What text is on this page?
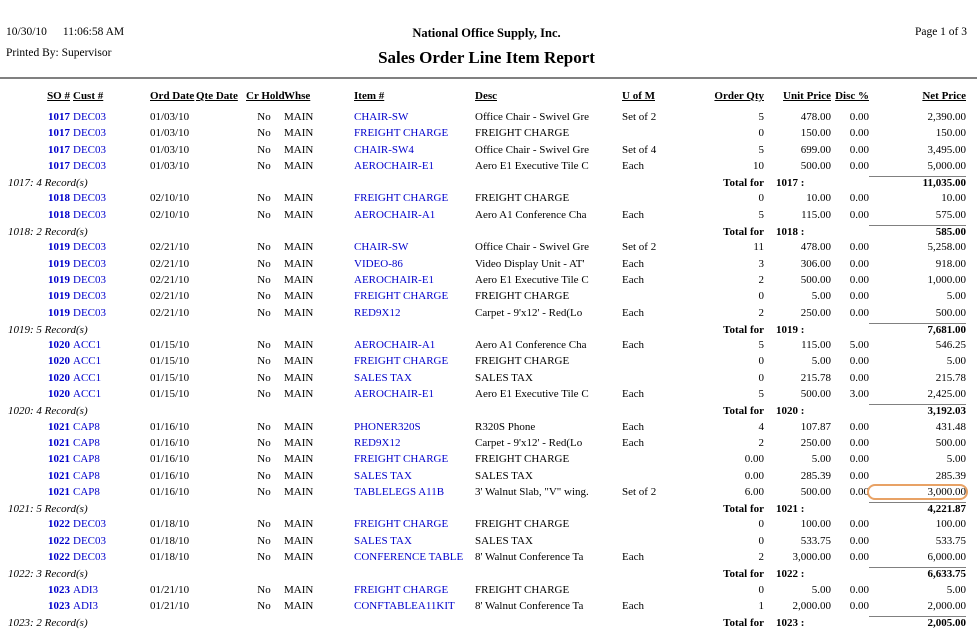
10/30/10 11:06:58 AM
Printed By: Supervisor
National Office Supply, Inc.
Sales Order Line Item Report
Page 1 of 3
SO # Cust #	Ord Date Qte Date Cr Hold Whse	Item #	Desc	U of M	Order Qty	Unit Price Disc %	Net Price
1017 DEC03	01/03/10	No	MAIN	CHAIR-SW	Office Chair - Swivel Gre	Set of 2	5	478.00	0.00	2,390.00
1017 DEC03	01/03/10	No	MAIN	FREIGHT CHARGE	FREIGHT CHARGE	0	150.00	0.00	150.00
1017 DEC03	01/03/10	No	MAIN	CHAIR-SW4	Office Chair - Swivel Gre	Set of 4	5	699.00	0.00	3,495.00
1017 DEC03	01/03/10	No	MAIN	AEROCHAIR-E1	Aero E1 Executive Tile C	Each	10	500.00	0.00	5,000.00
1017: 4 Record(s)	Total for	1017 :	11,035.00
1018 DEC03	02/10/10	No	MAIN	FREIGHT CHARGE	FREIGHT CHARGE	0	10.00	0.00	10.00
1018 DEC03	02/10/10	No	MAIN	AEROCHAIR-A1	Aero A1 Conference Cha	Each	5	115.00	0.00	575.00
1018: 2 Record(s)	Total for	1018 :	585.00
1019 DEC03	02/21/10	No	MAIN	CHAIR-SW	Office Chair - Swivel Gre	Set of 2	11	478.00	0.00	5,258.00
1019 DEC03	02/21/10	No	MAIN	VIDEO-86	Video Display Unit - AT'	Each	3	306.00	0.00	918.00
1019 DEC03	02/21/10	No	MAIN	AEROCHAIR-E1	Aero E1 Executive Tile C	Each	2	500.00	0.00	1,000.00
1019 DEC03	02/21/10	No	MAIN	FREIGHT CHARGE	FREIGHT CHARGE	0	5.00	0.00	5.00
1019 DEC03	02/21/10	No	MAIN	RED9X12	Carpet - 9'x12' - Red(Lo	Each	2	250.00	0.00	500.00
1019: 5 Record(s)	Total for	1019 :	7,681.00
1020 ACC1	01/15/10	No	MAIN	AEROCHAIR-A1	Aero A1 Conference Cha	Each	5	115.00	5.00	546.25
1020 ACC1	01/15/10	No	MAIN	FREIGHT CHARGE	FREIGHT CHARGE	0	5.00	0.00	5.00
1020 ACC1	01/15/10	No	MAIN	SALES TAX	SALES TAX	0	215.78	0.00	215.78
1020 ACC1	01/15/10	No	MAIN	AEROCHAIR-E1	Aero E1 Executive Tile C	Each	5	500.00	3.00	2,425.00
1020: 4 Record(s)	Total for	1020 :	3,192.03
1021 CAP8	01/16/10	No	MAIN	PHONER320S	R320S Phone	Each	4	107.87	0.00	431.48
1021 CAP8	01/16/10	No	MAIN	RED9X12	Carpet - 9'x12' - Red(Lo	Each	2	250.00	0.00	500.00
1021 CAP8	01/16/10	No	MAIN	FREIGHT CHARGE	FREIGHT CHARGE	0.00	5.00	0.00	5.00
1021 CAP8	01/16/10	No	MAIN	SALES TAX	SALES TAX	0.00	285.39	0.00	285.39
1021 CAP8	01/16/10	No	MAIN	TABLELEGS A11B	3' Walnut Slab, "V" wing.	Set of 2	6.00	500.00	0.00	3,000.00
1021: 5 Record(s)	Total for	1021 :	4,221.87
1022 DEC03	01/18/10	No	MAIN	FREIGHT CHARGE	FREIGHT CHARGE	0	100.00	0.00	100.00
1022 DEC03	01/18/10	No	MAIN	SALES TAX	SALES TAX	0	533.75	0.00	533.75
1022 DEC03	01/18/10	No	MAIN	CONFERENCE TABLE	8' Walnut Conference Ta	Each	2	3,000.00	0.00	6,000.00
1022: 3 Record(s)	Total for	1022 :	6,633.75
1023 ADI3	01/21/10	No	MAIN	FREIGHT CHARGE	FREIGHT CHARGE	0	5.00	0.00	5.00
1023 ADI3	01/21/10	No	MAIN	CONFTABLEA11KIT	8' Walnut Conference Ta	Each	1	2,000.00	0.00	2,000.00
1023: 2 Record(s)	Total for	1023 :	2,005.00
